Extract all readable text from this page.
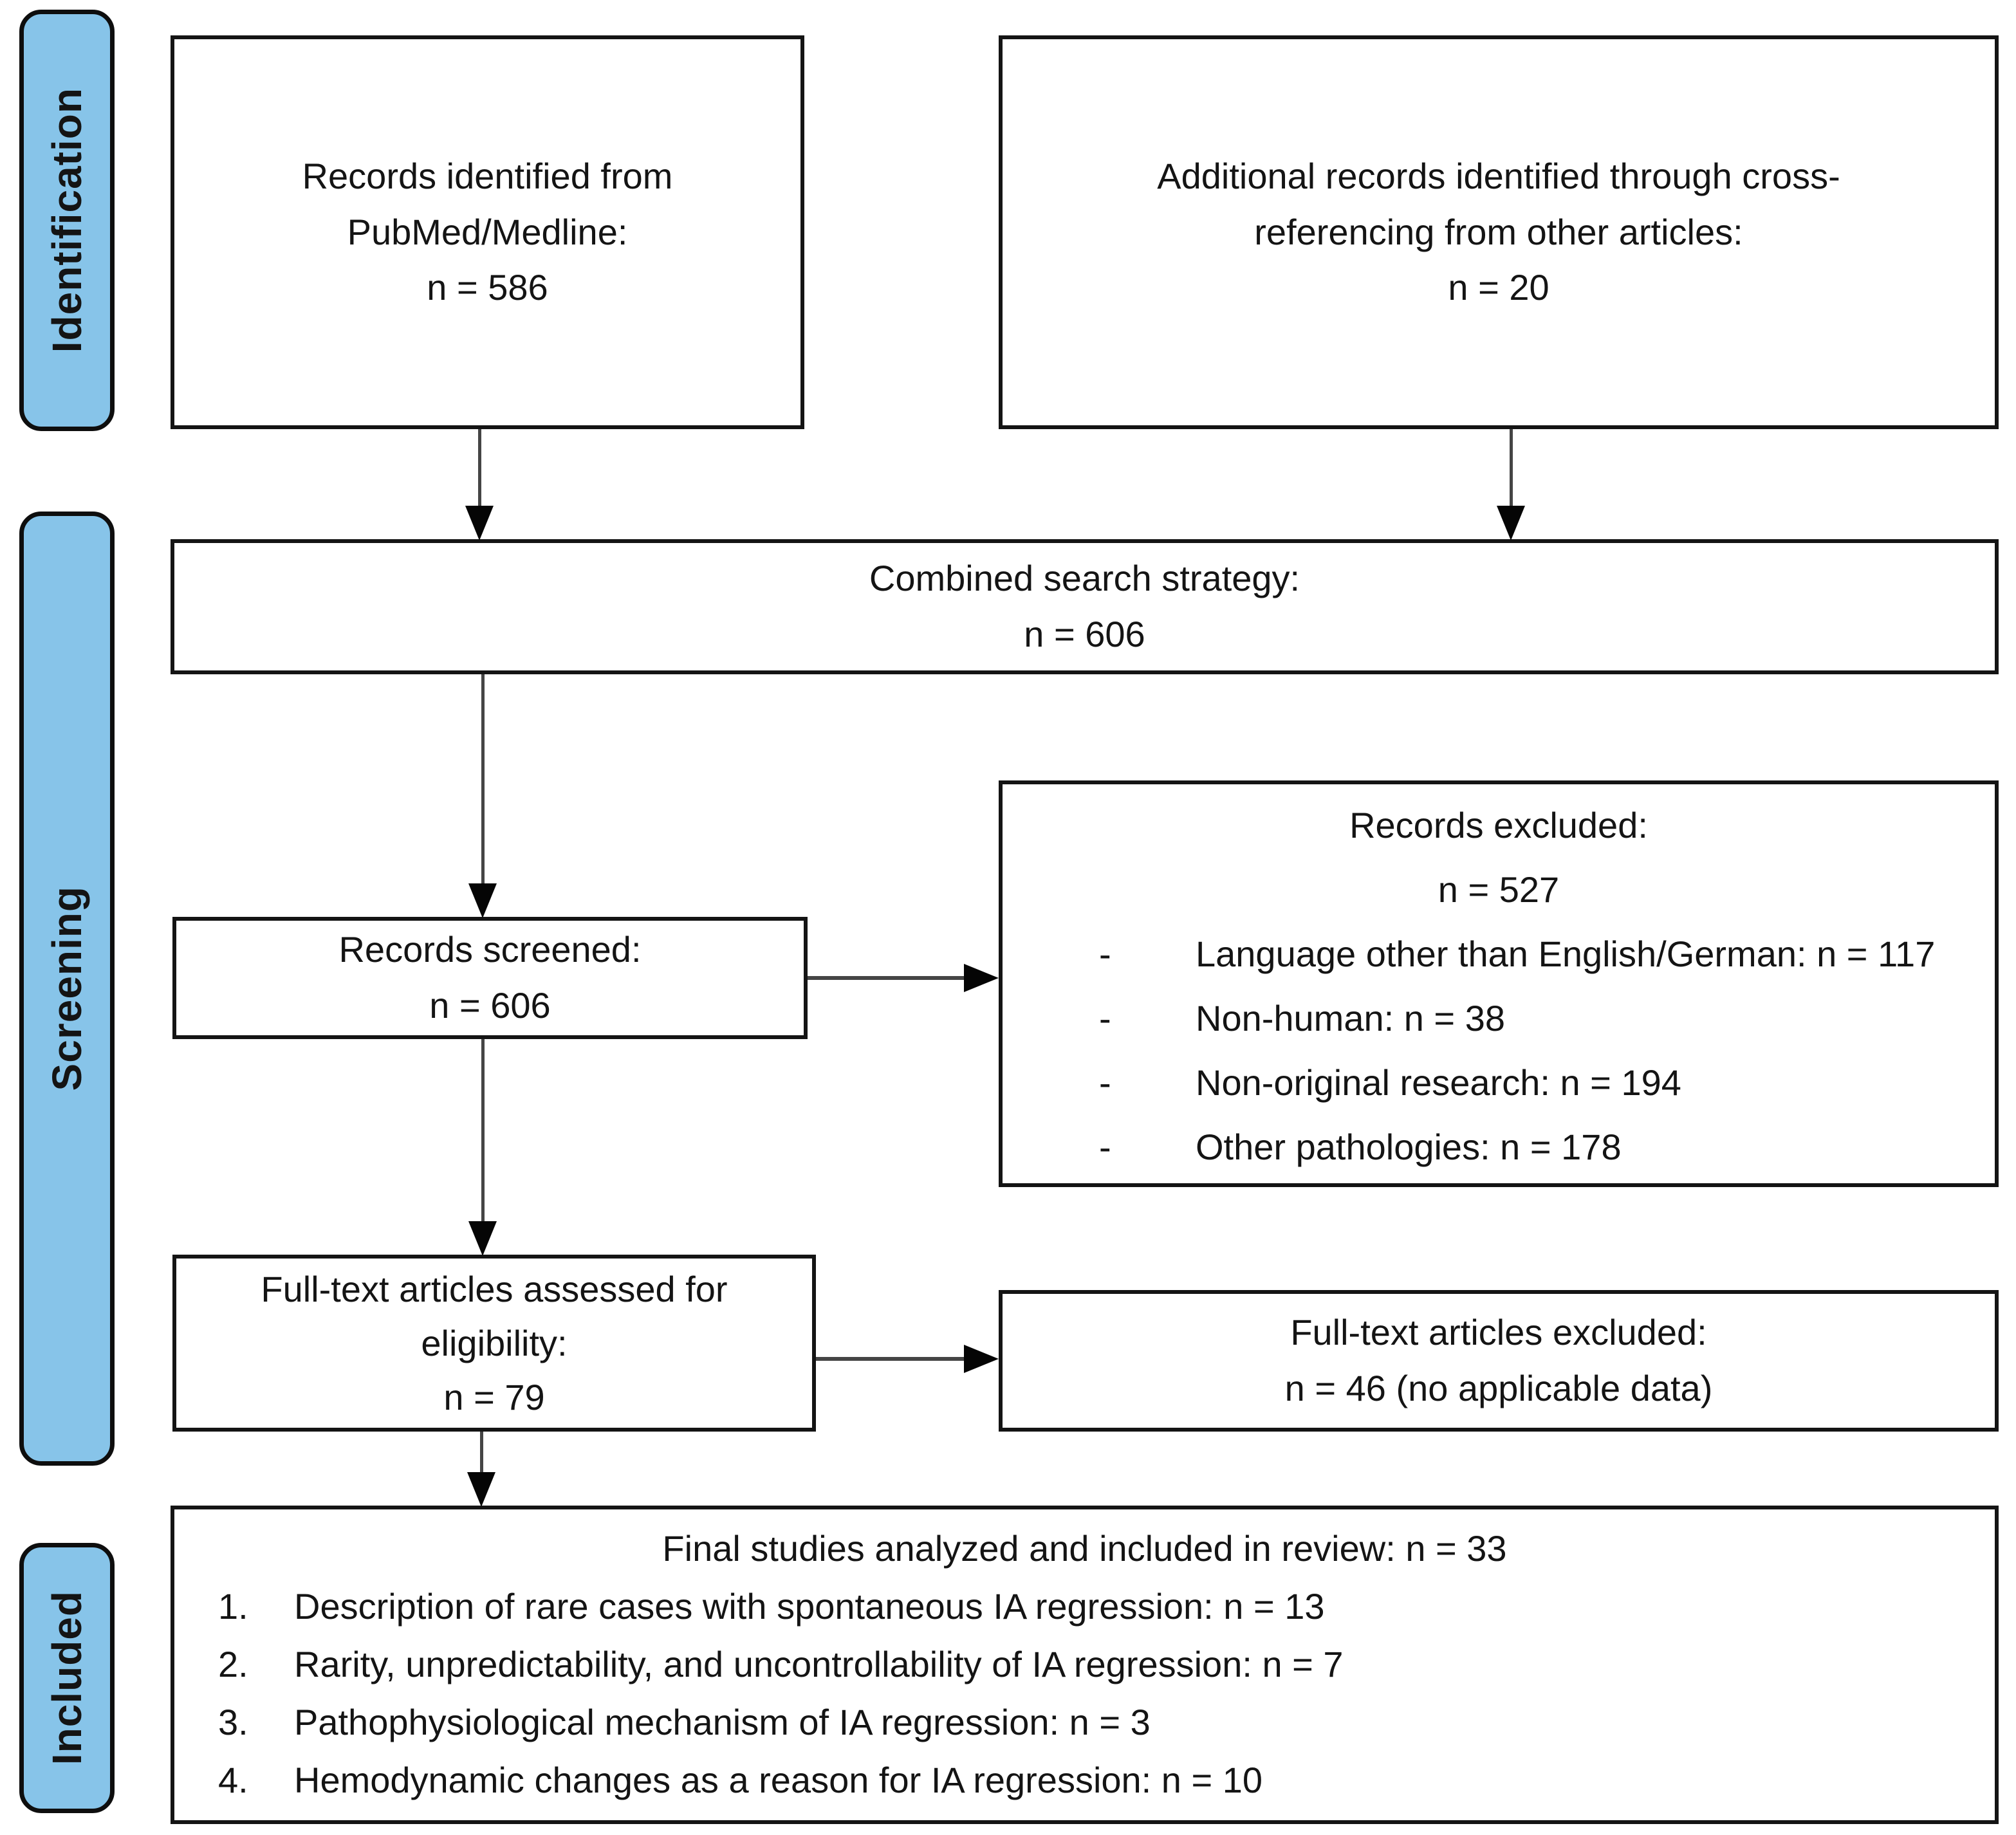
Identification
Screening
Included
Records identified from
PubMed/Medline:
n = 586
Additional records identified through cross-
referencing from other articles:
n = 20
Combined search strategy:
n = 606
Records screened:
n = 606
Records excluded:
n = 527
-	Language other than English/German: n = 117
-	Non-human: n = 38
-	Non-original research: n = 194
-	Other pathologies: n = 178
Full-text articles assessed for
eligibility:
n = 79
Full-text articles excluded:
n = 46 (no applicable data)
Final studies analyzed and included in review: n = 33
1.	Description of rare cases with spontaneous IA regression: n = 13
2.	Rarity, unpredictability, and uncontrollability of IA regression: n = 7
3.	Pathophysiological mechanism of IA regression: n = 3
4.	Hemodynamic changes as a reason for IA regression: n = 10
